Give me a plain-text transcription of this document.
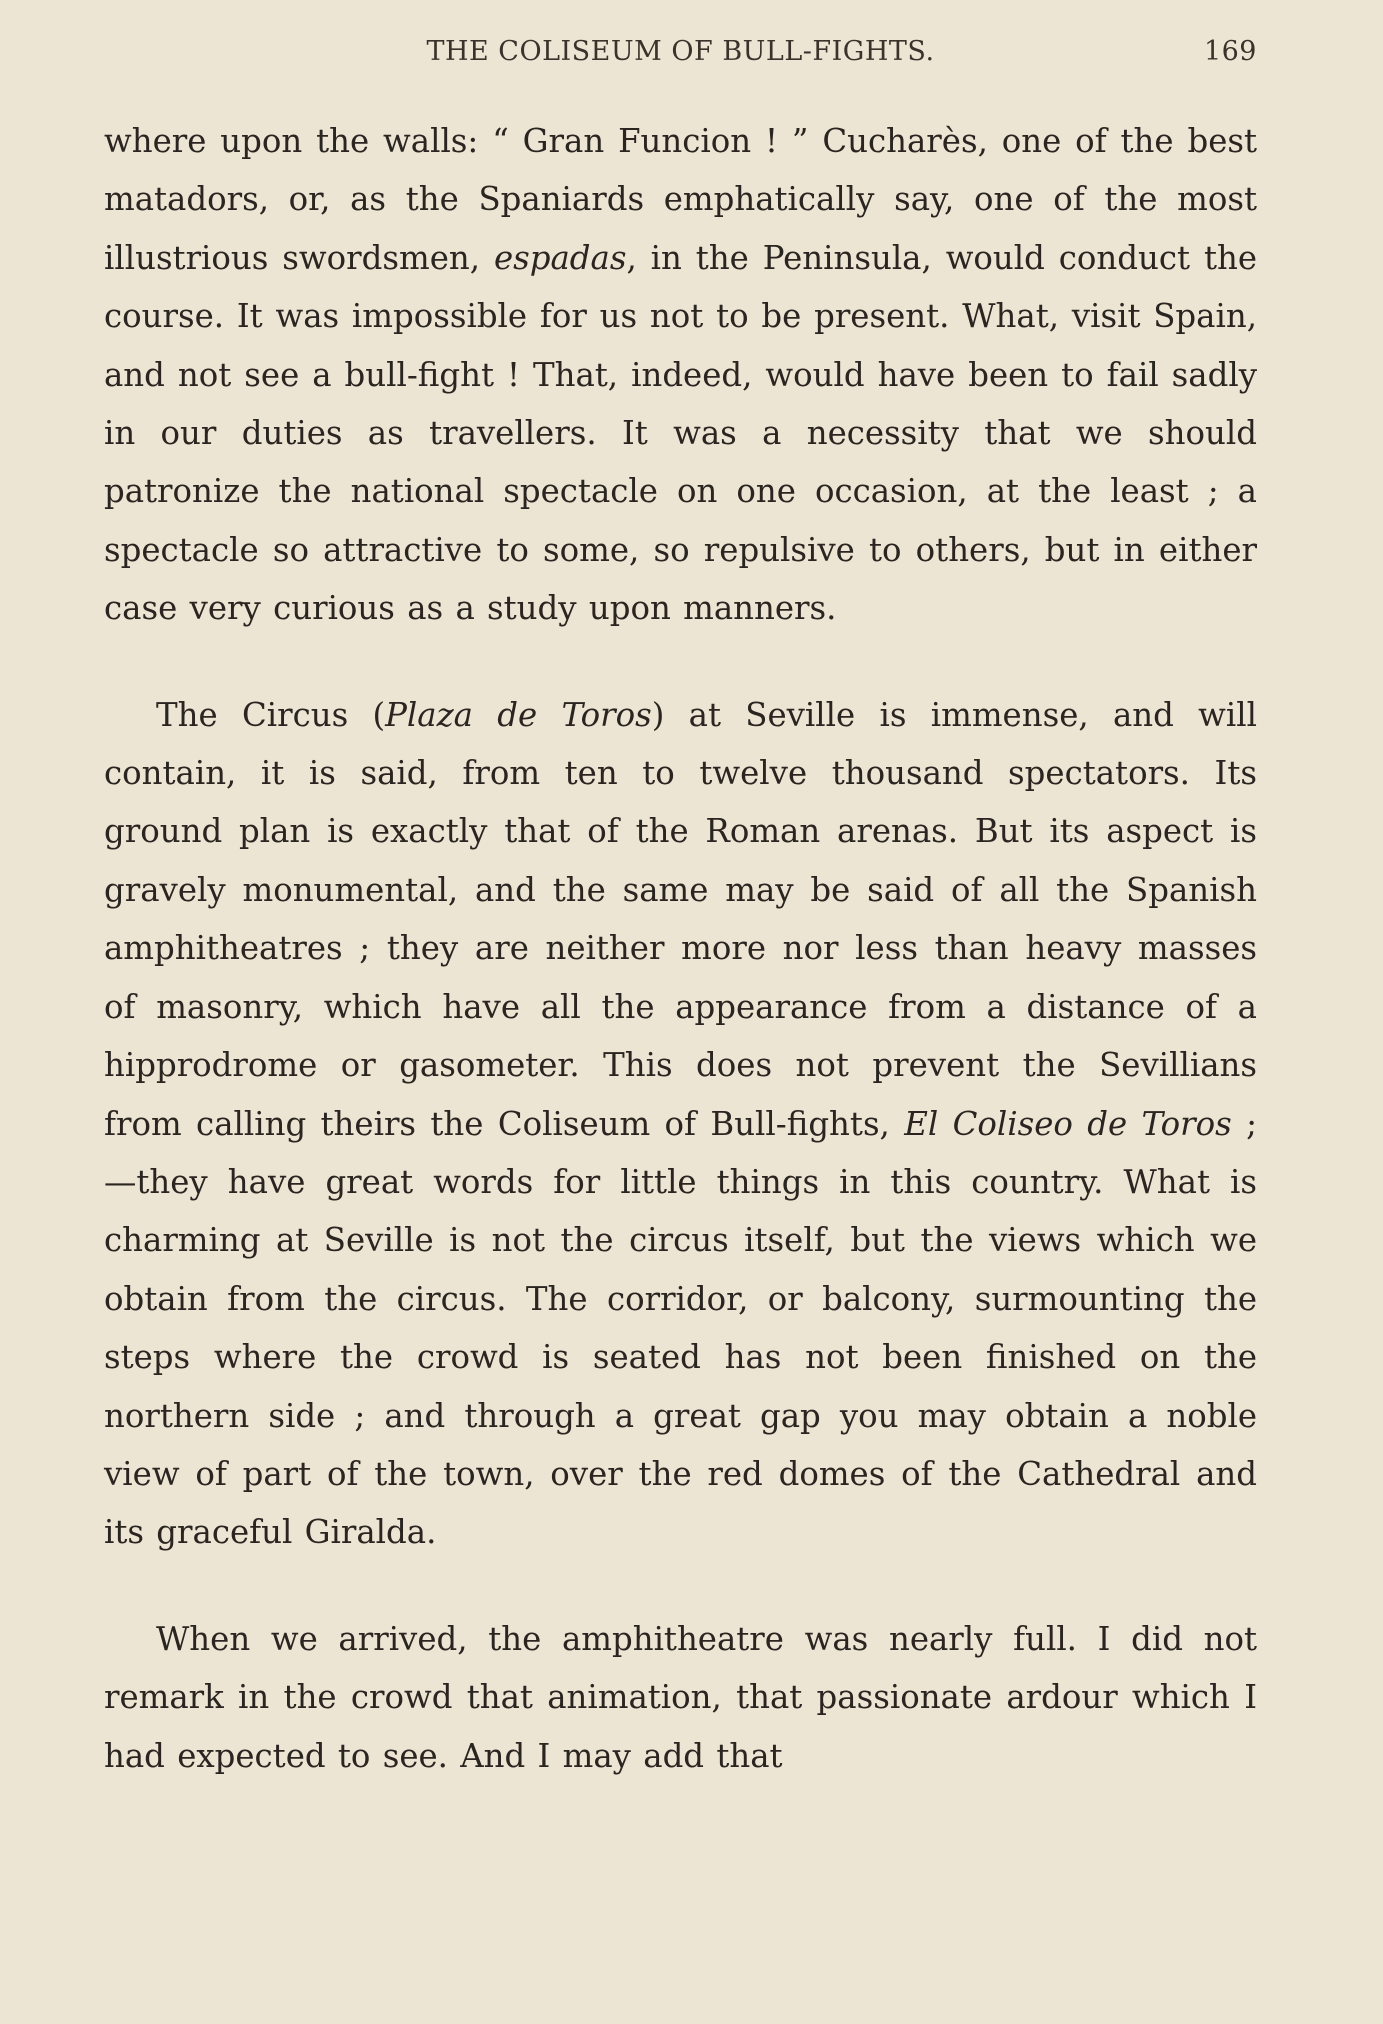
THE COLISEUM OF BULL-FIGHTS.	169

where upon the walls: “ Gran Funcion ! ” Cucharès, one of the best matadors, or, as the Spaniards emphatically say, one of the most illustrious swordsmen, espadas, in the Peninsula, would conduct the course. It was impossible for us not to be present. What, visit Spain, and not see a bull-fight ! That, indeed, would have been to fail sadly in our duties as travellers. It was a necessity that we should patronize the national spectacle on one occasion, at the least ; a spectacle so attractive to some, so repulsive to others, but in either case very curious as a study upon manners.

The Circus (Plaza de Toros) at Seville is immense, and will contain, it is said, from ten to twelve thousand spectators. Its ground plan is exactly that of the Roman arenas. But its aspect is gravely monumental, and the same may be said of all the Spanish amphitheatres ; they are neither more nor less than heavy masses of masonry, which have all the appearance from a distance of a hipprodrome or gasometer. This does not prevent the Sevillians from calling theirs the Coliseum of Bull-fights, El Coliseo de Toros ;—they have great words for little things in this country. What is charming at Seville is not the circus itself, but the views which we obtain from the circus. The corridor, or balcony, surmounting the steps where the crowd is seated has not been finished on the northern side ; and through a great gap you may obtain a noble view of part of the town, over the red domes of the Cathedral and its graceful Giralda.

When we arrived, the amphitheatre was nearly full. I did not remark in the crowd that animation, that passionate ardour which I had expected to see. And I may add that
